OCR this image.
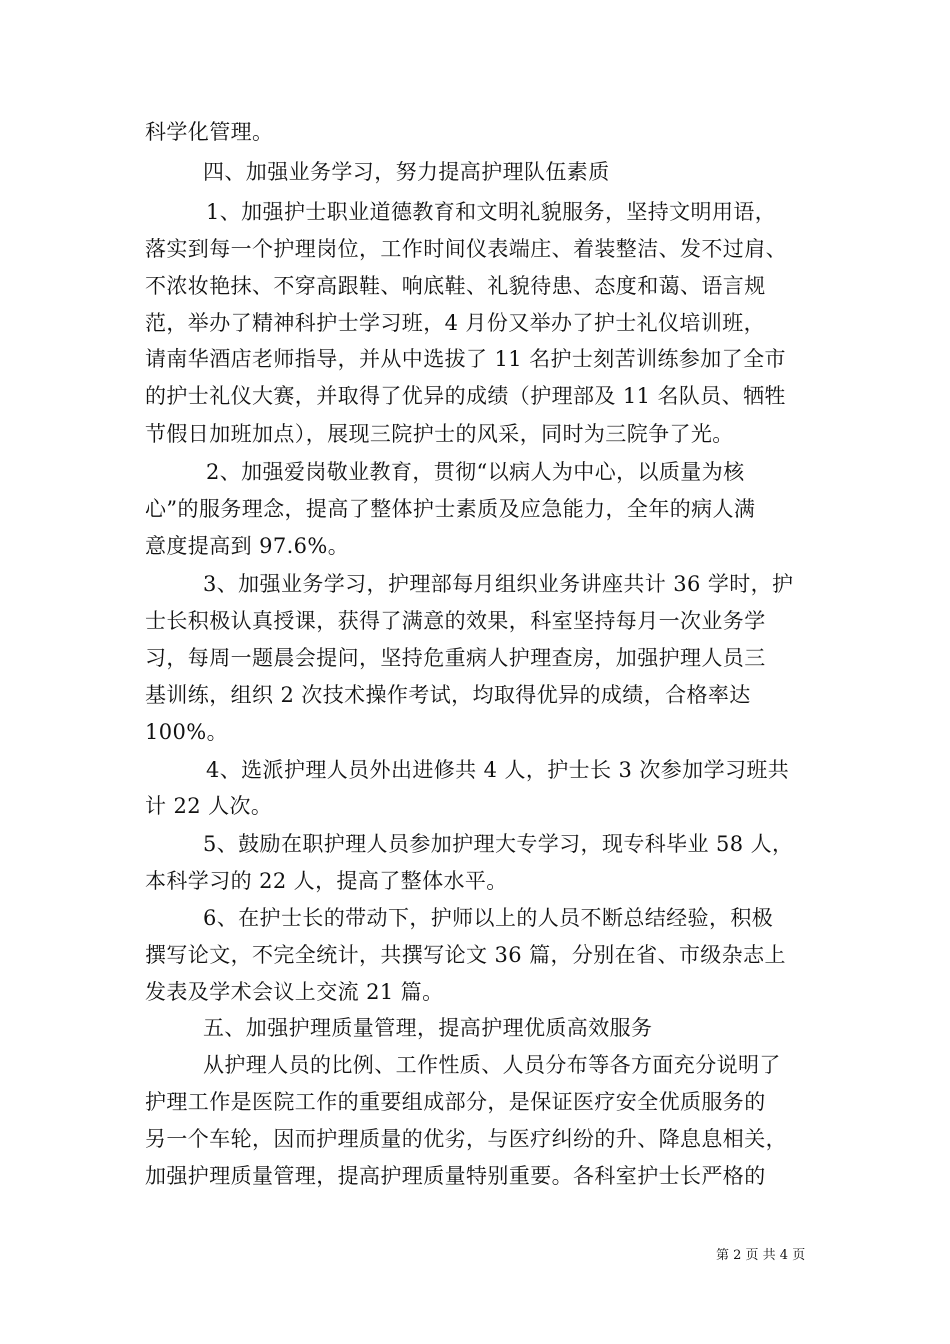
科学化管理。
四、加强业务学习，努力提高护理队伍素质
1、加强护士职业道德教育和文明礼貌服务，坚持文明用语，
落实到每一个护理岗位，工作时间仪表端庄、着装整洁、发不过肩、
不浓妆艳抹、不穿高跟鞋、响底鞋、礼貌待患、态度和蔼、语言规
范，举办了精神科护士学习班，4 月份又举办了护士礼仪培训班，
请南华酒店老师指导，并从中选拔了 11 名护士刻苦训练参加了全市
的护士礼仪大赛，并取得了优异的成绩（护理部及 11 名队员、牺牲
节假日加班加点），展现三院护士的风采，同时为三院争了光。
2、加强爱岗敬业教育，贯彻“以病人为中心，以质量为核
心”的服务理念，提高了整体护士素质及应急能力，全年的病人满
意度提高到 97.6%。
3、加强业务学习，护理部每月组织业务讲座共计 36 学时，护
士长积极认真授课，获得了满意的效果，科室坚持每月一次业务学
习，每周一题晨会提问，坚持危重病人护理查房，加强护理人员三
基训练，组织 2 次技术操作考试，均取得优异的成绩，合格率达
100%。
4、选派护理人员外出进修共 4 人，护士长 3 次参加学习班共
计 22 人次。
5、鼓励在职护理人员参加护理大专学习，现专科毕业 58 人，
本科学习的 22 人，提高了整体水平。
6、在护士长的带动下，护师以上的人员不断总结经验，积极
撰写论文，不完全统计，共撰写论文 36 篇，分别在省、市级杂志上
发表及学术会议上交流 21 篇。
五、加强护理质量管理，提高护理优质高效服务
从护理人员的比例、工作性质、人员分布等各方面充分说明了
护理工作是医院工作的重要组成部分，是保证医疗安全优质服务的
另一个车轮，因而护理质量的优劣，与医疗纠纷的升、降息息相关，
加强护理质量管理，提高护理质量特别重要。各科室护士长严格的
第 2 页 共 4 页
